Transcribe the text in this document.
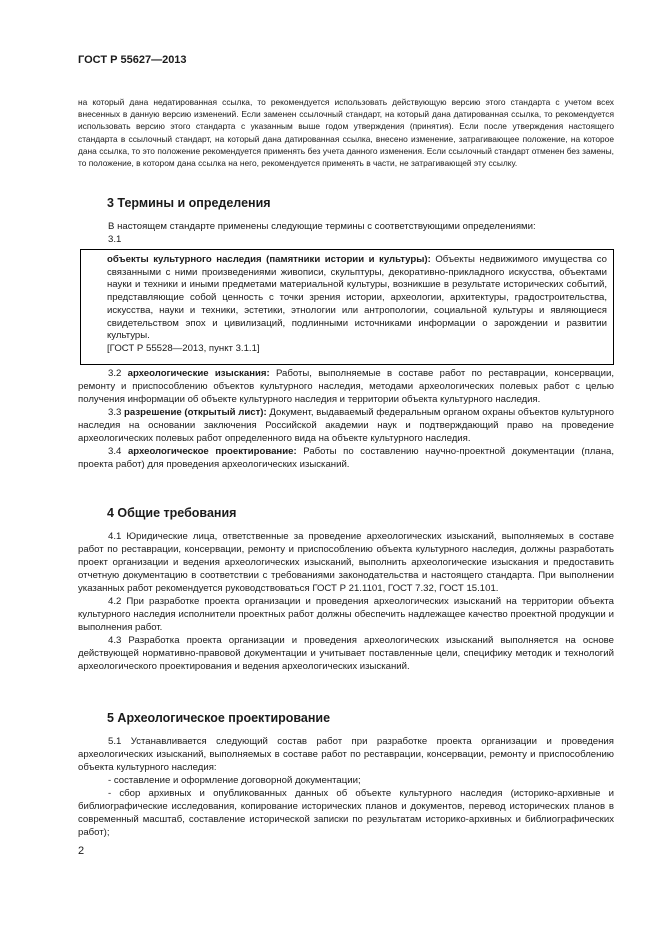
ГОСТ Р 55627—2013

на который дана недатированная ссылка, то рекомендуется использовать действующую версию этого стандарта с учетом всех внесенных в данную версию изменений. Если заменен ссылочный стандарт, на который дана датированная ссылка, то рекомендуется использовать версию этого стандарта с указанным выше годом утверждения (принятия). Если после утверждения настоящего стандарта в ссылочный стандарт, на который дана датированная ссылка, внесено изменение, затрагивающее положение, на которое дана ссылка, то это положение рекомендуется применять без учета данного изменения. Если ссылочный стандарт отменен без замены, то положение, в котором дана ссылка на него, рекомендуется применять в части, не затрагивающей эту ссылку.

3 Термины и определения

В настоящем стандарте применены следующие термины с соответствующими определениями:

3.1

объекты культурного наследия (памятники истории и культуры): Объекты недвижимого имущества со связанными с ними произведениями живописи, скульптуры, декоративно-прикладного искусства, объектами науки и техники и иными предметами материальной культуры, возникшие в результате исторических событий, представляющие собой ценность с точки зрения истории, археологии, архитектуры, градостроительства, искусства, науки и техники, эстетики, этнологии или антропологии, социальной культуры и являющиеся свидетельством эпох и цивилизаций, подлинными источниками информации о зарождении и развитии культуры.

[ГОСТ Р 55528—2013, пункт 3.1.1]

3.2 археологические изыскания: Работы, выполняемые в составе работ по реставрации, консервации, ремонту и приспособлению объектов культурного наследия, методами археологических полевых работ с целью получения информации об объекте культурного наследия и территории объекта культурного наследия.

3.3 разрешение (открытый лист): Документ, выдаваемый федеральным органом охраны объектов культурного наследия на основании заключения Российской академии наук и подтверждающий право на проведение археологических полевых работ определенного вида на объекте культурного наследия.

3.4 археологическое проектирование: Работы по составлению научно-проектной документации (плана, проекта работ) для проведения археологических изысканий.

4 Общие требования

4.1 Юридические лица, ответственные за проведение археологических изысканий, выполняемых в составе работ по реставрации, консервации, ремонту и приспособлению объекта культурного наследия, должны разработать проект организации и ведения археологических изысканий, выполнить археологические изыскания и предоставить отчетную документацию в соответствии с требованиями законодательства и настоящего стандарта. При выполнении указанных работ рекомендуется руководствоваться ГОСТ Р 21.1101, ГОСТ 7.32, ГОСТ 15.101.

4.2 При разработке проекта организации и проведения археологических изысканий на территории объекта культурного наследия исполнители проектных работ должны обеспечить надлежащее качество проектной продукции и выполнения работ.

4.3 Разработка проекта организации и проведения археологических изысканий выполняется на основе действующей нормативно-правовой документации и учитывает поставленные цели, специфику методик и технологий археологического проектирования и ведения археологических изысканий.

5 Археологическое проектирование

5.1 Устанавливается следующий состав работ при разработке проекта организации и проведения археологических изысканий, выполняемых в составе работ по реставрации, консервации, ремонту и приспособлению объекта культурного наследия:

- составление и оформление договорной документации;

- сбор архивных и опубликованных данных об объекте культурного наследия (историко-архивные и библиографические исследования, копирование исторических планов и документов, перевод исторических планов в современный масштаб, составление исторической записки по результатам историко-архивных и библиографических работ);

2
